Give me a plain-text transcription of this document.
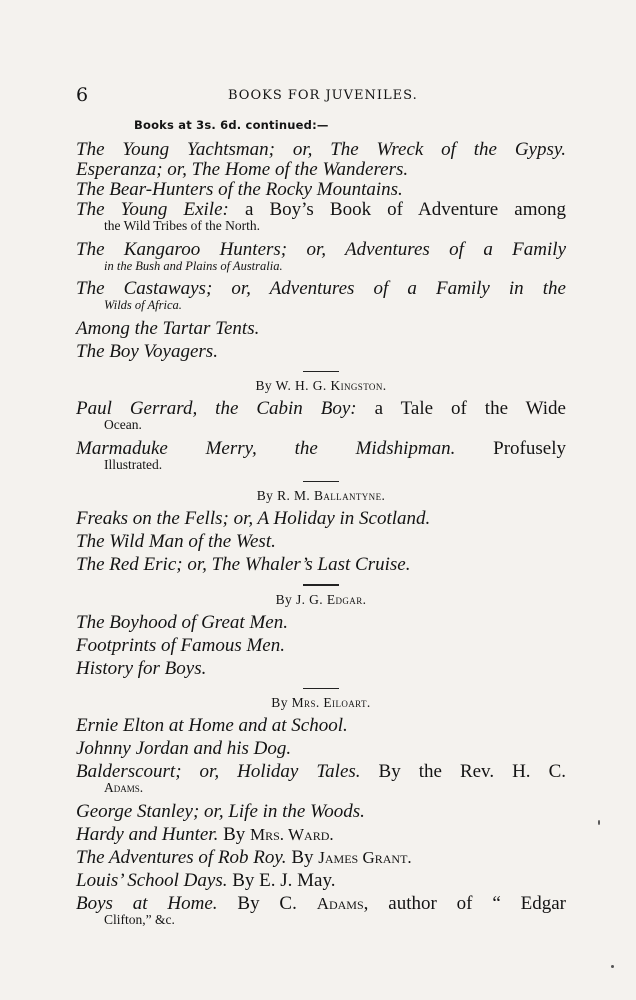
6	BOOKS FOR JUVENILES.
Books at 3s. 6d. continued:—
The Young Yachtsman; or, The Wreck of the Gypsy.
Esperanza; or, The Home of the Wanderers.
The Bear-Hunters of the Rocky Mountains.
The Young Exile: a Boy’s Book of Adventure among
the Wild Tribes of the North.
The Kangaroo Hunters; or, Adventures of a Family
in the Bush and Plains of Australia.
The Castaways; or, Adventures of a Family in the
Wilds of Africa.
Among the Tartar Tents.
The Boy Voyagers.
By W. H. G. Kingston.
Paul Gerrard, the Cabin Boy: a Tale of the Wide
Ocean.
Marmaduke Merry, the Midshipman. Profusely
Illustrated.
By R. M. Ballantyne.
Freaks on the Fells; or, A Holiday in Scotland.
The Wild Man of the West.
The Red Eric; or, The Whaler’s Last Cruise.
By J. G. Edgar.
The Boyhood of Great Men.
Footprints of Famous Men.
History for Boys.
By Mrs. Eiloart.
Ernie Elton at Home and at School.
Johnny Jordan and his Dog.
Balderscourt; or, Holiday Tales. By the Rev. H. C.
Adams.
George Stanley; or, Life in the Woods.
Hardy and Hunter. By Mrs. Ward.
The Adventures of Rob Roy. By James Grant.
Louis’ School Days. By E. J. May.
Boys at Home. By C. Adams, author of “ Edgar
Clifton,” &c.
